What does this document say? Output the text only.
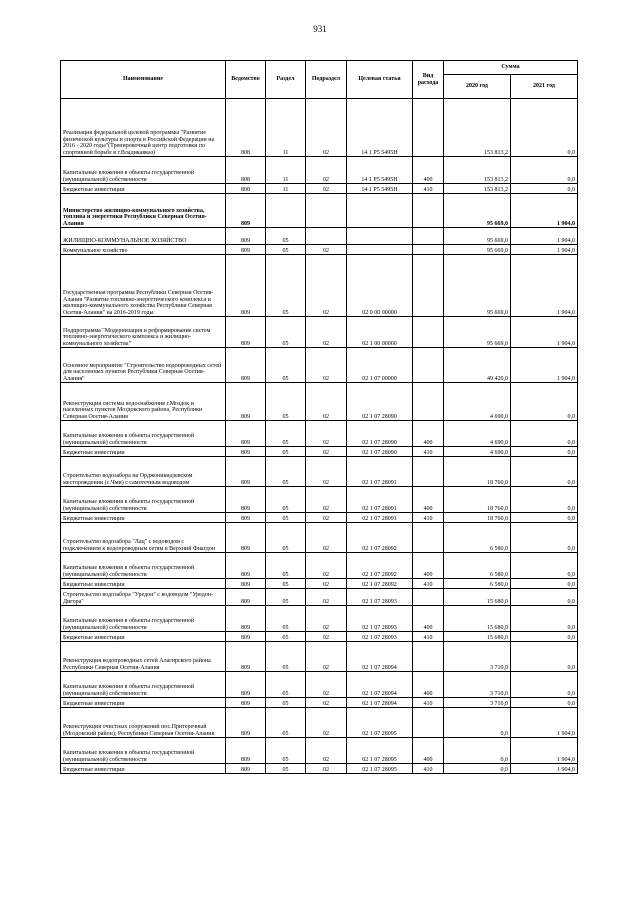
931
Наименование	Ведомство	Раздел	Подраздел	Целевая статья	Вид расхода	Сумма	
						2020 год	2021 год
Реализация федеральной целевой программы "Развитие физической культуры и спорта в Российской Федерации на 2016 - 2020 годы"(Тренировочный центр подготовки по спортивной борьбе в г.Владикавказ)	808	11	02	14 1 Р5 5495Н		153 813,2	0,0
Капитальные вложения в объекты государственной (муниципальной) собственности	808	11	02	14 1 Р5 5495Н	400	153 813,2	0,0
Бюджетные инвестиции	808	11	02	14 1 Р5 5495Н	410	153 813,2	0,0
Министерство жилищно-коммунального хозяйства, топлива и энергетики Республики Северная Осетия-Алания	809					95 669,0	1 904,0
ЖИЛИЩНО-КОММУНАЛЬНОЕ ХОЗЯЙСТВО	809	05				95 669,0	1 904,0
Коммунальное хозяйство	809	05	02			95 669,0	1 904,0
Государственная программа Республики Северная Осетия-Алания "Развитие топливно-энергетического комплекса и жилищно-коммунального хозяйства Республики Северная Осетия-Алания" на 2016-2019 годы	809	05	02	02 0 00 00000		95 669,0	1 904,0
Подпрограмма "Модернизация и реформирование систем топливно-энергетического комплекса и жилищно-коммунального хозяйства"	809	05	02	02 1 00 00000		95 669,0	1 904,0
Основное мероприятие "Строительство водопроводных сетей для населенных пунктов Республики Северная Осетия-Алания"	809	05	02	02 1 07 00000		49 420,0	1 904,0
Реконструкция системы водоснабжения г.Моздок и населенных пунктов Моздокского района, Республики Северная Осетия-Алания	809	05	02	02 1 07 28090		4 690,0	0,0
Капитальные вложения в объекты государственной (муниципальной) собственности	809	05	02	02 1 07 28090	400	4 690,0	0,0
Бюджетные инвестиции	809	05	02	02 1 07 28090	410	4 690,0	0,0
Строительство водозабора на Орджоникидзевском месторождении (с.Чми) с самотечным водоводом	809	05	02	02 1 07 28091		18 760,0	0,0
Капитальные вложения в объекты государственной (муниципальной) собственности	809	05	02	02 1 07 28091	400	18 760,0	0,0
Бюджетные инвестиции	809	05	02	02 1 07 28091	410	18 760,0	0,0
Строительство водозабора "Лац" с водоводом с подключением к водопроводным сетям в Верхний Фиагдон	809	05	02	02 1 07 28092		6 580,0	0,0
Капитальные вложения в объекты государственной (муниципальной) собственности	809	05	02	02 1 07 28092	400	6 580,0	0,0
Бюджетные инвестиции	809	05	02	02 1 07 28092	410	6 580,0	0,0
Строительство водозабора "Уредон" с водоводом "Уредон-Дигора"	809	05	02	02 1 07 28093		15 680,0	0,0
Капитальные вложения в объекты государственной (муниципальной) собственности	809	05	02	02 1 07 28093	400	15 680,0	0,0
Бюджетные инвестиции	809	05	02	02 1 07 28093	410	15 680,0	0,0
Реконструкция водопроводных сетей Алагирского района Республики Северная Осетия-Алания	809	05	02	02 1 07 28094		3 710,0	0,0
Капитальные вложения в объекты государственной (муниципальной) собственности	809	05	02	02 1 07 28094	400	3 710,0	0,0
Бюджетные инвестиции	809	05	02	02 1 07 28094	410	3 710,0	0,0
Реконструкция очистных сооружений пос.Притеречный (Моздокский район), Республики Северная Осетия-Алания	809	05	02	02 1 07 28095		0,0	1 904,0
Капитальные вложения в объекты государственной (муниципальной) собственности	809	05	02	02 1 07 28095	400	0,0	1 904,0
Бюджетные инвестиции	809	05	02	02 1 07 28095	410	0,0	1 904,0
